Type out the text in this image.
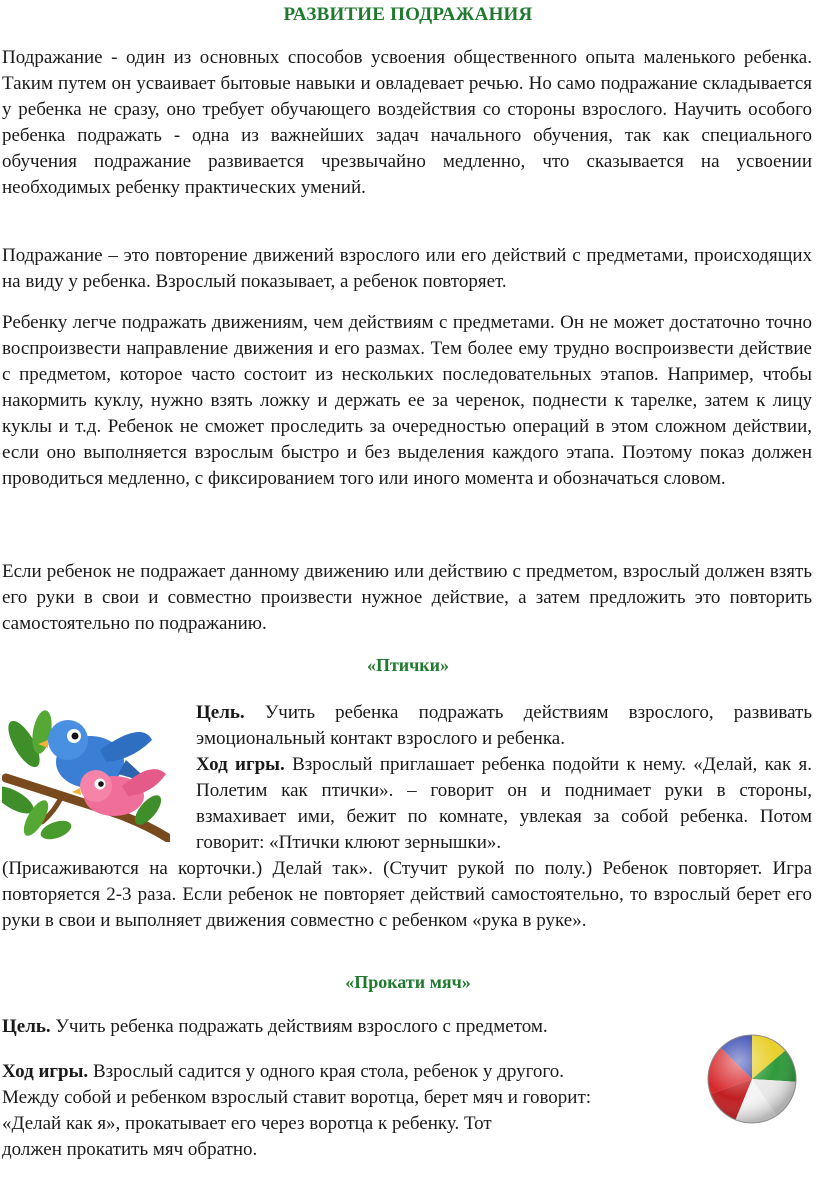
РАЗВИТИЕ ПОДРАЖАНИЯ
Подражание - один из основных способов усвоения общественного опыта маленького ребенка. Таким путем он усваивает бытовые навыки и овладевает речью. Но само подражание складывается у ребенка не сразу, оно требует обучающего воздействия со стороны взрослого. Научить особого ребенка подражать - одна из важнейших задач начального обучения, так как специального обучения подражание развивается чрезвычайно медленно, что сказывается на усвоении необходимых ребенку практических умений.
Подражание – это повторение движений взрослого или его действий с предметами, происходящих на виду у ребенка. Взрослый показывает, а ребенок повторяет.
Ребенку легче подражать движениям, чем действиям с предметами. Он не может достаточно точно воспроизвести направление движения и его размах. Тем более ему трудно воспроизвести действие с предметом, которое часто состоит из нескольких последовательных этапов. Например, чтобы накормить куклу, нужно взять ложку и держать ее за черенок, поднести к тарелке, затем к лицу куклы и т.д. Ребенок не сможет проследить за очередностью операций в этом сложном действии, если оно выполняется взрослым быстро и без выделения каждого этапа. Поэтому показ должен проводиться медленно, с фиксированием того или иного момента и обозначаться словом.
Если ребенок не подражает данному движению или действию с предметом, взрослый должен взять его руки в свои и совместно произвести нужное действие, а затем предложить это повторить самостоятельно по подражанию.
«Птички»
Цель. Учить ребенка подражать действиям взрослого, развивать эмоциональный контакт взрослого и ребенка.
Ход игры. Взрослый приглашает ребенка подойти к нему. «Делай, как я. Полетим как птички». – говорит он и поднимает руки в стороны, взмахивает ими, бежит по комнате, увлекая за собой ребенка. Потом говорит: «Птички клюют зернышки».
(Присаживаются на корточки.) Делай так». (Стучит рукой по полу.) Ребенок повторяет. Игра повторяется 2-3 раза. Если ребенок не повторяет действий самостоятельно, то взрослый берет его руки в свои и выполняет движения совместно с ребенком «рука в руке».
«Прокати мяч»
Цель. Учить ребенка подражать действиям взрослого с предметом.
Ход игры. Взрослый садится у одного края стола, ребенок у другого.
Между собой и ребенком взрослый ставит воротца, берет мяч и говорит:
«Делай как я», прокатывает его через воротца к ребенку. Тот
должен прокатить мяч обратно.
